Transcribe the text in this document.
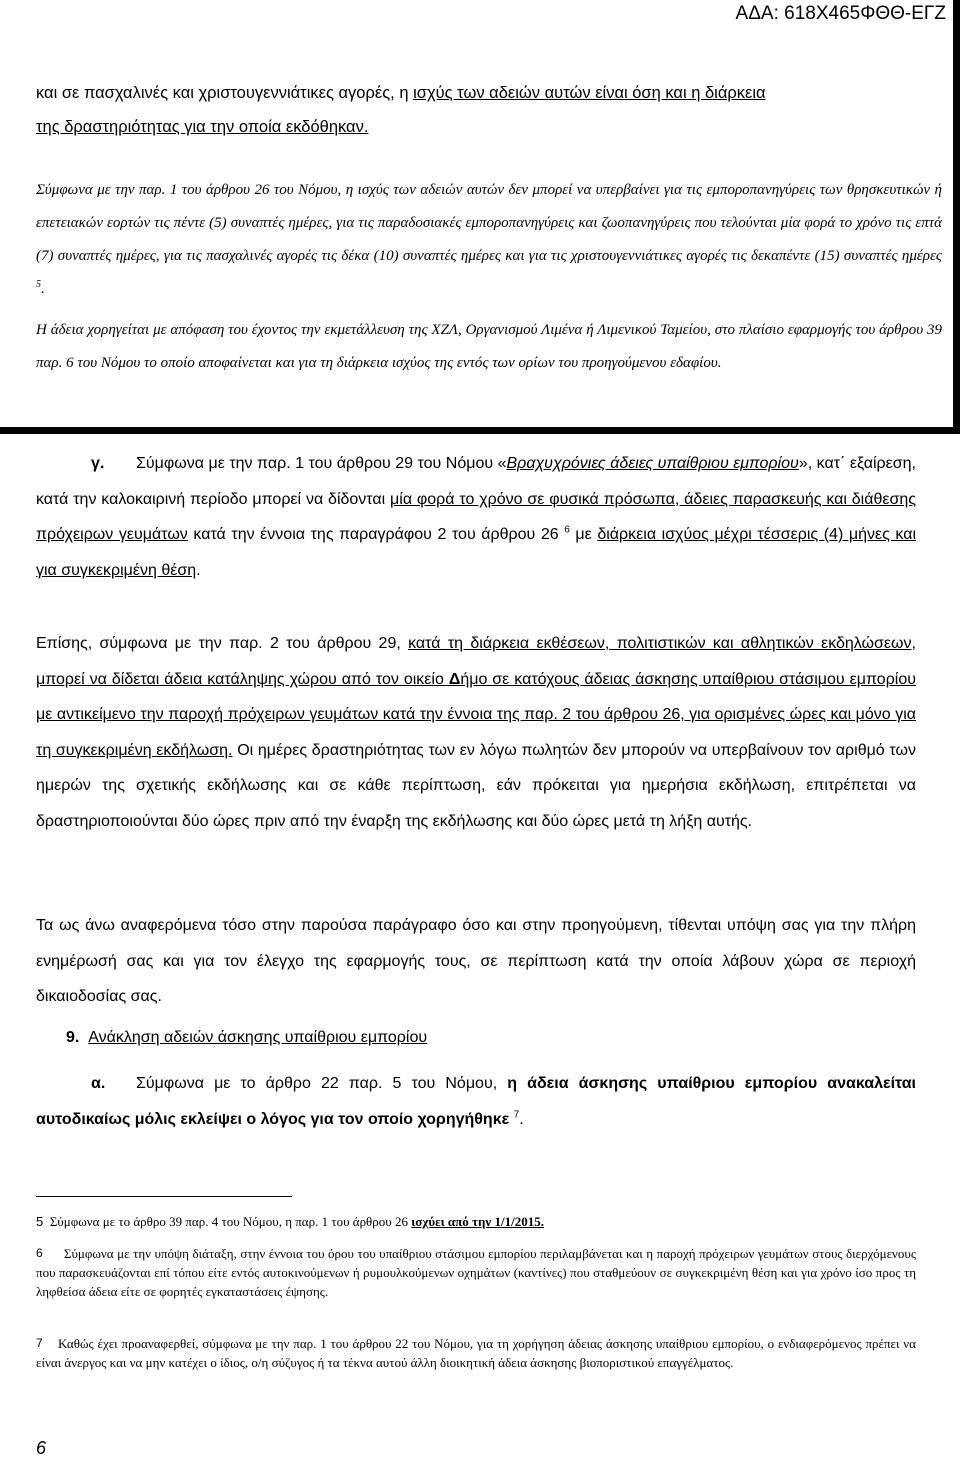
ΑΔΑ: 618Χ465ΦΘΘ-ΕΓΖ

και σε πασχαλινές και χριστουγεννιάτικες αγορές, η ισχύς των αδειών αυτών είναι όση και η διάρκεια
της δραστηριότητας για την οποία εκδόθηκαν.

Σύμφωνα με την παρ. 1 του άρθρου 26 του Νόμου, η ισχύς των αδειών αυτών δεν μπορεί να υπερβαίνει για τις εμποροπανηγύρεις των θρησκευτικών ή επετειακών εορτών τις πέντε (5) συναπτές ημέρες, για τις παραδοσιακές εμποροπανηγύρεις και ζωοπανηγύρεις που τελούνται μία φορά το χρόνο τις επτά (7) συναπτές ημέρες, για τις πασχαλινές αγορές τις δέκα (10) συναπτές ημέρες και για τις χριστουγεννιάτικες αγορές τις δεκαπέντε (15) συναπτές ημέρες $^5$.

Η άδεια χορηγείται με απόφαση του έχοντος την εκμετάλλευση της ΧΖΛ, Οργανισμού Λιμένα ή Λιμενικού Ταμείου, στο πλαίσιο εφαρμογής του άρθρου 39 παρ. 6 του Νόμου το οποίο αποφαίνεται και για τη διάρκεια ισχύος της εντός των ορίων του προηγούμενου εδαφίου.

γ. Σύμφωνα με την παρ. 1 του άρθρου 29 του Νόμου «Βραχυχρόνιες άδειες υπαίθριου εμπορίου», κατ΄ εξαίρεση, κατά την καλοκαιρινή περίοδο μπορεί να δίδονται μία φορά το χρόνο σε φυσικά πρόσωπα, άδειες παρασκευής και διάθεσης πρόχειρων γευμάτων κατά την έννοια της παραγράφου 2 του άρθρου 26 $^6$ με διάρκεια ισχύος μέχρι τέσσερις (4) μήνες και για συγκεκριμένη θέση.

Επίσης, σύμφωνα με την παρ. 2 του άρθρου 29, κατά τη διάρκεια εκθέσεων, πολιτιστικών και αθλητικών εκδηλώσεων, μπορεί να δίδεται άδεια κατάληψης χώρου από τον οικείο Δήμο σε κατόχους άδειας άσκησης υπαίθριου στάσιμου εμπορίου με αντικείμενο την παροχή πρόχειρων γευμάτων κατά την έννοια της παρ. 2 του άρθρου 26, για ορισμένες ώρες και μόνο για τη συγκεκριμένη εκδήλωση. Οι ημέρες δραστηριότητας των εν λόγω πωλητών δεν μπορούν να υπερβαίνουν τον αριθμό των ημερών της σχετικής εκδήλωσης και σε κάθε περίπτωση, εάν πρόκειται για ημερήσια εκδήλωση, επιτρέπεται να δραστηριοποιούνται δύο ώρες πριν από την έναρξη της εκδήλωσης και δύο ώρες μετά τη λήξη αυτής.

Τα ως άνω αναφερόμενα τόσο στην παρούσα παράγραφο όσο και στην προηγούμενη, τίθενται υπόψη σας για την πλήρη ενημέρωσή σας και για τον έλεγχο της εφαρμογής τους, σε περίπτωση κατά την οποία λάβουν χώρα σε περιοχή δικαιοδοσίας σας.

9. Ανάκληση αδειών άσκησης υπαίθριου εμπορίου

α. Σύμφωνα με το άρθρο 22 παρ. 5 του Νόμου, η άδεια άσκησης υπαίθριου εμπορίου ανακαλείται αυτοδικαίως μόλις εκλείψει ο λόγος για τον οποίο χορηγήθηκε $^7$.

5 Σύμφωνα με το άρθρο 39 παρ. 4 του Νόμου, η παρ. 1 του άρθρου 26 ισχύει από την 1/1/2015.

6 Σύμφωνα με την υπόψη διάταξη, στην έννοια του όρου του υπαίθριου στάσιμου εμπορίου περιλαμβάνεται και η παροχή πρόχειρων γευμάτων στους διερχόμενους που παρασκευάζονται επί τόπου είτε εντός αυτοκινούμενων ή ρυμουλκούμενων οχημάτων (καντίνες) που σταθμεύουν σε συγκεκριμένη θέση και για χρόνο ίσο προς τη ληφθείσα άδεια είτε σε φορητές εγκαταστάσεις έψησης.

7 Καθώς έχει προαναφερθεί, σύμφωνα με την παρ. 1 του άρθρου 22 του Νόμου, για τη χορήγηση άδειας άσκησης υπαίθριου εμπορίου, ο ενδιαφερόμενος πρέπει να είναι άνεργος και να μην κατέχει ο ίδιος, ο/η σύζυγος ή τα τέκνα αυτού άλλη διοικητική άδεια άσκησης βιοποριστικού επαγγέλματος.

6
